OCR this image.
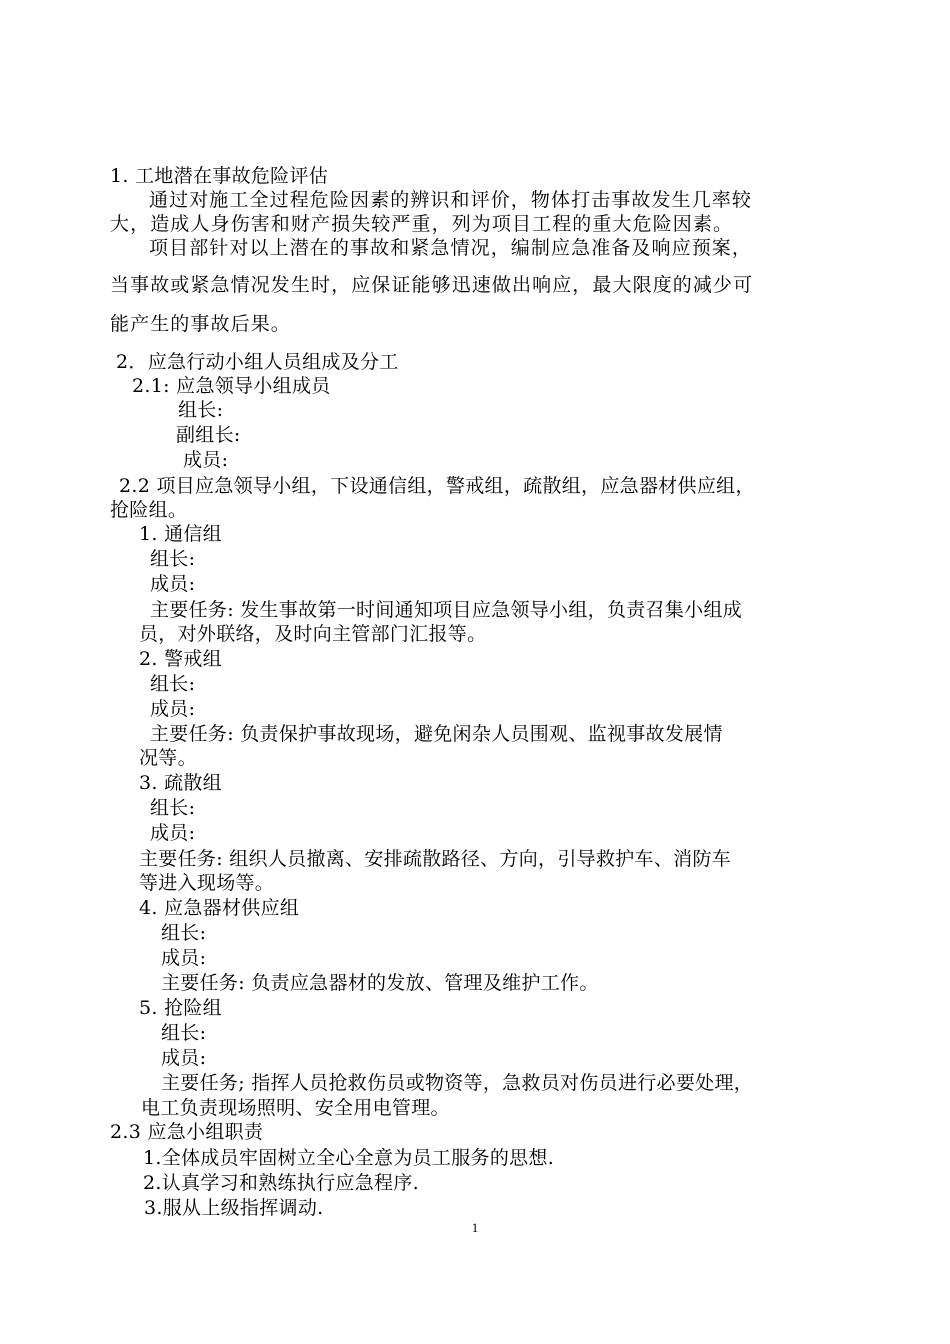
1. 工地潜在事故危险评估
通过对施工全过程危险因素的辨识和评价，物体打击事故发生几率较
大，造成人身伤害和财产损失较严重，列为项目工程的重大危险因素。
项目部针对以上潜在的事故和紧急情况，编制应急准备及响应预案，
当事故或紧急情况发生时，应保证能够迅速做出响应，最大限度的减少可
能产生的事故后果。
2．应急行动小组人员组成及分工
2.1: 应急领导小组成员
组长:
副组长:
成员:
2.2 项目应急领导小组，下设通信组，警戒组，疏散组，应急器材供应组，
抢险组。
1. 通信组
组长:
成员:
主要任务: 发生事故第一时间通知项目应急领导小组，负责召集小组成
员，对外联络，及时向主管部门汇报等。
2. 警戒组
组长:
成员:
主要任务: 负责保护事故现场，避免闲杂人员围观、监视事故发展情
况等。
3. 疏散组
组长:
成员:
主要任务: 组织人员撤离、安排疏散路径、方向，引导救护车、消防车
等进入现场等。
4. 应急器材供应组
组长:
成员:
主要任务: 负责应急器材的发放、管理及维护工作。
5. 抢险组
组长:
成员:
主要任务; 指挥人员抢救伤员或物资等，急救员对伤员进行必要处理，
电工负责现场照明、安全用电管理。
2.3 应急小组职责
1.全体成员牢固树立全心全意为员工服务的思想.
2.认真学习和熟练执行应急程序.
3.服从上级指挥调动.
1
